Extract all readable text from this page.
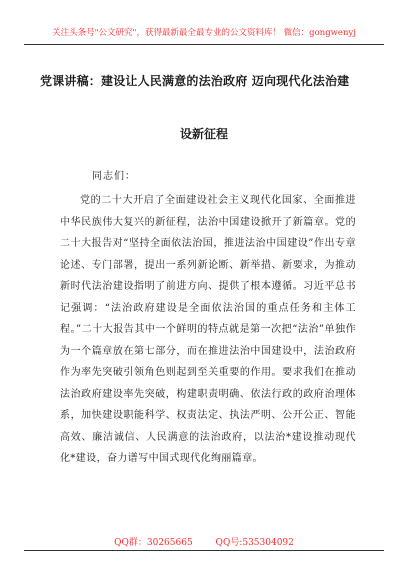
关注头条号"公文研究"，获得最新最全最专业的公文资料库！ 微信：gongwenyj
党课讲稿：建设让人民满意的法治政府 迈向现代化法治建
设新征程
同志们：
党的二十大开启了全面建设社会主义现代化国家、全面推进中华民族伟大复兴的新征程，法治中国建设掀开了新篇章。党的二十大报告对“坚持全面依法治国，推进法治中国建设”作出专章论述、专门部署，提出一系列新论断、新举措、新要求，为推动新时代法治建设指明了前进方向、提供了根本遵循。习近平总书记强调：“法治政府建设是全面依法治国的重点任务和主体工程。”二十大报告其中一个鲜明的特点就是第一次把“法治”单独作为一个篇章放在第七部分，而在推进法治中国建设中，法治政府作为率先突破引领角色则起到至关重要的作用。要求我们在推动法治政府建设率先突破，构建职责明确、依法行政的政府治理体系，加快建设职能科学、权责法定、执法严明、公开公正、智能高效、廉洁诚信、人民满意的法治政府，以法治*建设推动现代化*建设，奋力谱写中国式现代化绚丽篇章。
QQ群：30265665        QQ号:535304092
